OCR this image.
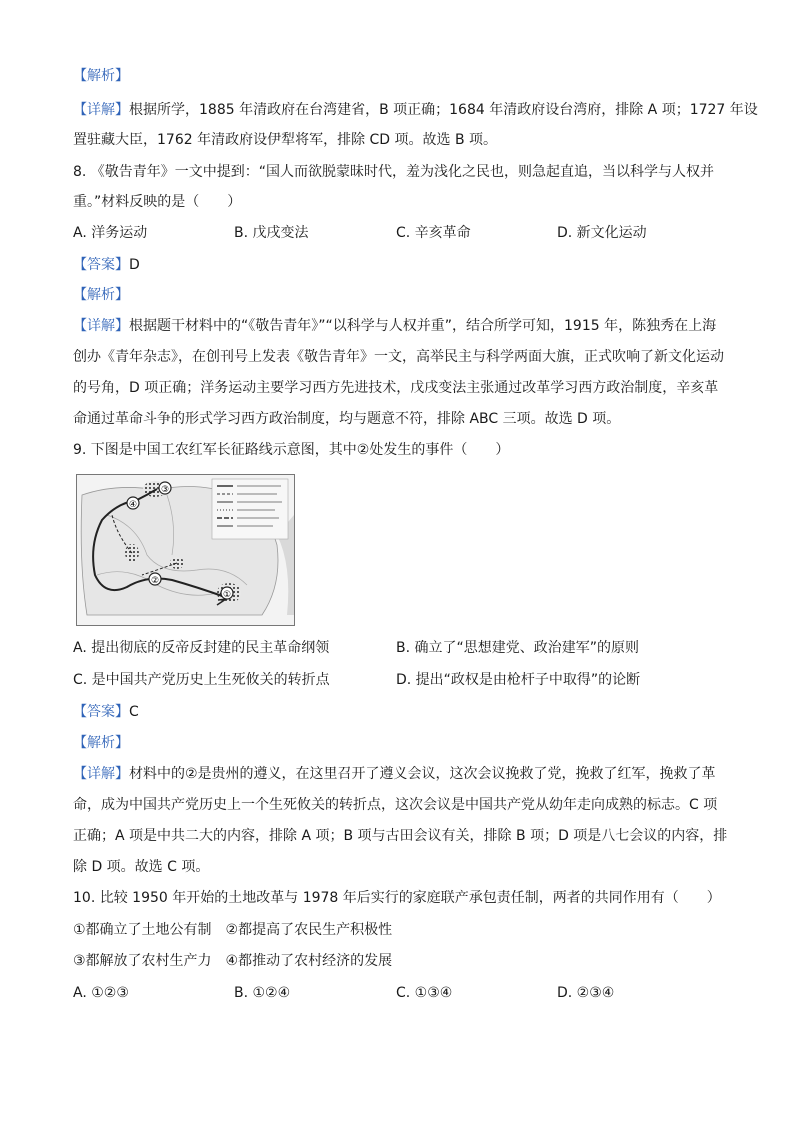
【解析】
【详解】根据所学，1885 年清政府在台湾建省，B 项正确；1684 年清政府设台湾府，排除 A 项；1727 年设
置驻藏大臣，1762 年清政府设伊犁将军，排除 CD 项。故选 B 项。
8. 《敬告青年》一文中提到：“国人而欲脱蒙昧时代，羞为浅化之民也，则急起直追，当以科学与人权并
重。”材料反映的是（　　）
A. 洋务运动	B. 戊戌变法	C. 辛亥革命	D. 新文化运动
【答案】D
【解析】
【详解】根据题干材料中的“《敬告青年》”“以科学与人权并重”，结合所学可知，1915 年，陈独秀在上海
创办《青年杂志》，在创刊号上发表《敬告青年》一文，高举民主与科学两面大旗，正式吹响了新文化运动
的号角，D 项正确；洋务运动主要学习西方先进技术，戊戌变法主张通过改革学习西方政治制度，辛亥革
命通过革命斗争的形式学习西方政治制度，均与题意不符，排除 ABC 三项。故选 D 项。
9. 下图是中国工农红军长征路线示意图，其中②处发生的事件（　　）
③
④
②
①
A. 提出彻底的反帝反封建的民主革命纲领	B. 确立了“思想建党、政治建军”的原则
C. 是中国共产党历史上生死攸关的转折点	D. 提出“政权是由枪杆子中取得”的论断
【答案】C
【解析】
【详解】材料中的②是贵州的遵义，在这里召开了遵义会议，这次会议挽救了党，挽救了红军，挽救了革
命，成为中国共产党历史上一个生死攸关的转折点，这次会议是中国共产党从幼年走向成熟的标志。C 项
正确；A 项是中共二大的内容，排除 A 项；B 项与古田会议有关，排除 B 项；D 项是八七会议的内容，排
除 D 项。故选 C 项。
10. 比较 1950 年开始的土地改革与 1978 年后实行的家庭联产承包责任制，两者的共同作用有（　　）
①都确立了土地公有制　②都提高了农民生产积极性
③都解放了农村生产力　④都推动了农村经济的发展
A. ①②③	B. ①②④	C. ①③④	D. ②③④
